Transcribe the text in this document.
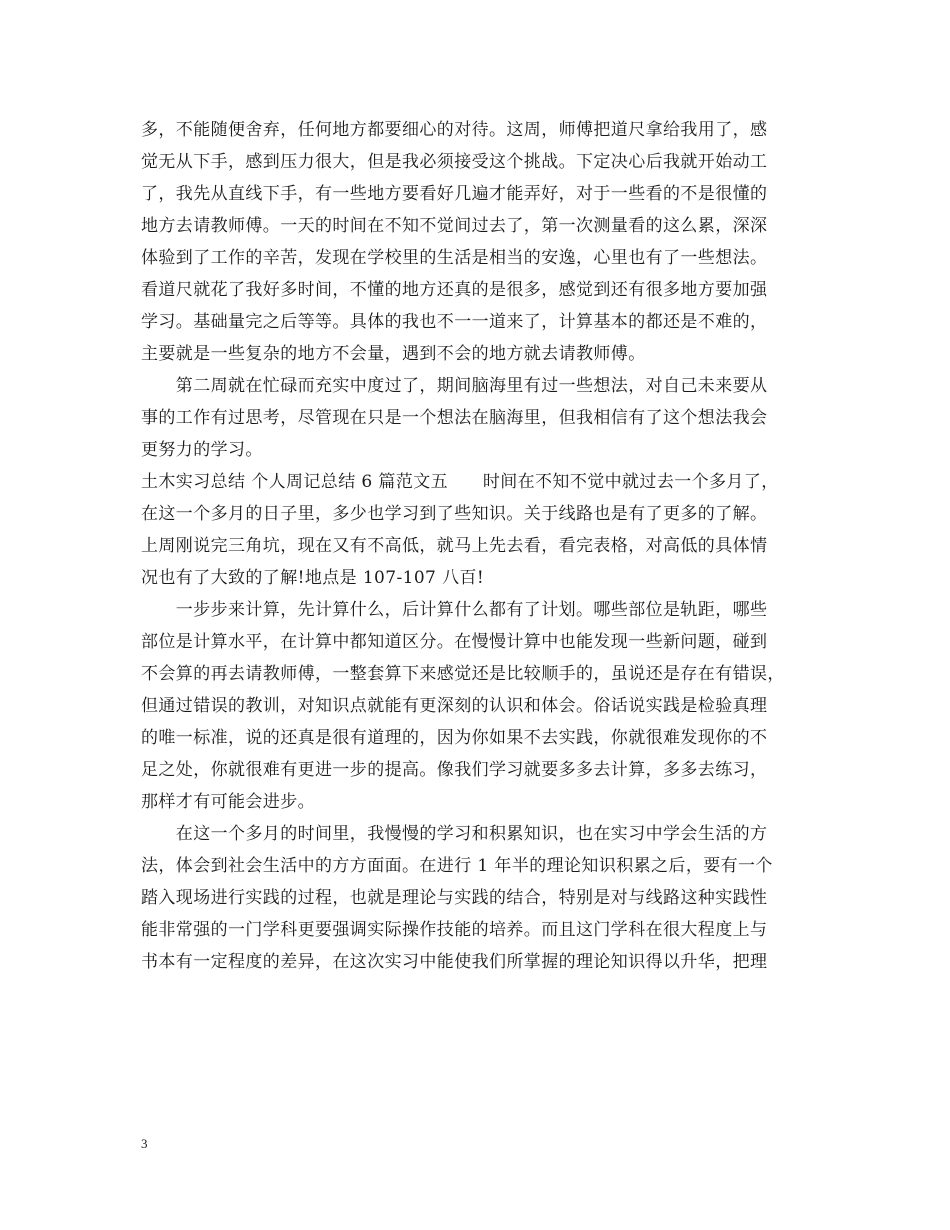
多，不能随便舍弃，任何地方都要细心的对待。这周，师傅把道尺拿给我用了，感
觉无从下手，感到压力很大，但是我必须接受这个挑战。下定决心后我就开始动工
了，我先从直线下手，有一些地方要看好几遍才能弄好，对于一些看的不是很懂的
地方去请教师傅。一天的时间在不知不觉间过去了，第一次测量看的这么累，深深
体验到了工作的辛苦，发现在学校里的生活是相当的安逸，心里也有了一些想法。
看道尺就花了我好多时间，不懂的地方还真的是很多，感觉到还有很多地方要加强
学习。基础量完之后等等。具体的我也不一一道来了，计算基本的都还是不难的，
主要就是一些复杂的地方不会量，遇到不会的地方就去请教师傅。
　　第二周就在忙碌而充实中度过了，期间脑海里有过一些想法，对自己未来要从
事的工作有过思考，尽管现在只是一个想法在脑海里，但我相信有了这个想法我会
更努力的学习。
土木实习总结 个人周记总结 6 篇范文五　　时间在不知不觉中就过去一个多月了，
在这一个多月的日子里，多少也学习到了些知识。关于线路也是有了更多的了解。
上周刚说完三角坑，现在又有不高低，就马上先去看，看完表格，对高低的具体情
况也有了大致的了解!地点是 107-107 八百!
　　一步步来计算，先计算什么，后计算什么都有了计划。哪些部位是轨距，哪些
部位是计算水平，在计算中都知道区分。在慢慢计算中也能发现一些新问题，碰到
不会算的再去请教师傅，一整套算下来感觉还是比较顺手的，虽说还是存在有错误，
但通过错误的教训，对知识点就能有更深刻的认识和体会。俗话说实践是检验真理
的唯一标准，说的还真是很有道理的，因为你如果不去实践，你就很难发现你的不
足之处，你就很难有更进一步的提高。像我们学习就要多多去计算，多多去练习，
那样才有可能会进步。
　　在这一个多月的时间里，我慢慢的学习和积累知识，也在实习中学会生活的方
法，体会到社会生活中的方方面面。在进行 1 年半的理论知识积累之后，要有一个
踏入现场进行实践的过程，也就是理论与实践的结合，特别是对与线路这种实践性
能非常强的一门学科更要强调实际操作技能的培养。而且这门学科在很大程度上与
书本有一定程度的差异，在这次实习中能使我们所掌握的理论知识得以升华，把理
3
